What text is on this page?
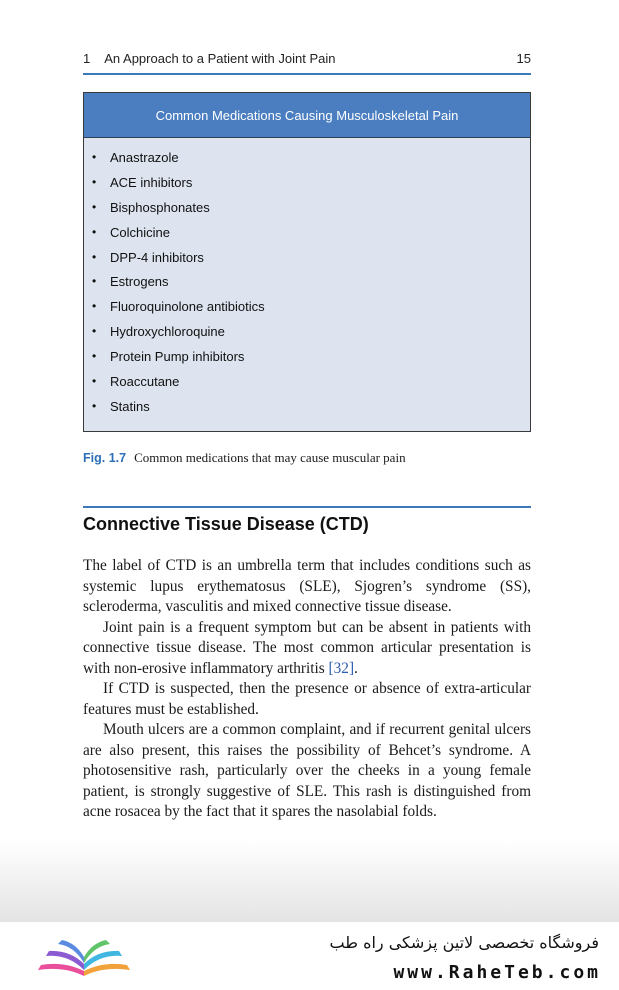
1 An Approach to a Patient with Joint Pain	15
Common Medications Causing Musculoskeletal Pain
• Anastrazole
• ACE inhibitors
• Bisphosphonates
• Colchicine
• DPP-4 inhibitors
• Estrogens
• Fluoroquinolone antibiotics
• Hydroxychloroquine
• Protein Pump inhibitors
• Roaccutane
• Statins
Fig. 1.7 Common medications that may cause muscular pain
Connective Tissue Disease (CTD)

The label of CTD is an umbrella term that includes conditions such as systemic lupus erythematosus (SLE), Sjogren’s syndrome (SS), scleroderma, vasculitis and mixed connective tissue disease.

Joint pain is a frequent symptom but can be absent in patients with connective tissue disease. The most common articular presentation is with non-erosive inflammatory arthritis [32].

If CTD is suspected, then the presence or absence of extra-articular features must be established.

Mouth ulcers are a common complaint, and if recurrent genital ulcers are also present, this raises the possibility of Behcet’s syndrome. A photosensitive rash, particularly over the cheeks in a young female patient, is strongly suggestive of SLE. This rash is distinguished from acne rosacea by the fact that it spares the nasolabial folds.

فروشگاه تخصصی لاتین پزشکی راه طب
www.RaheTeb.com
